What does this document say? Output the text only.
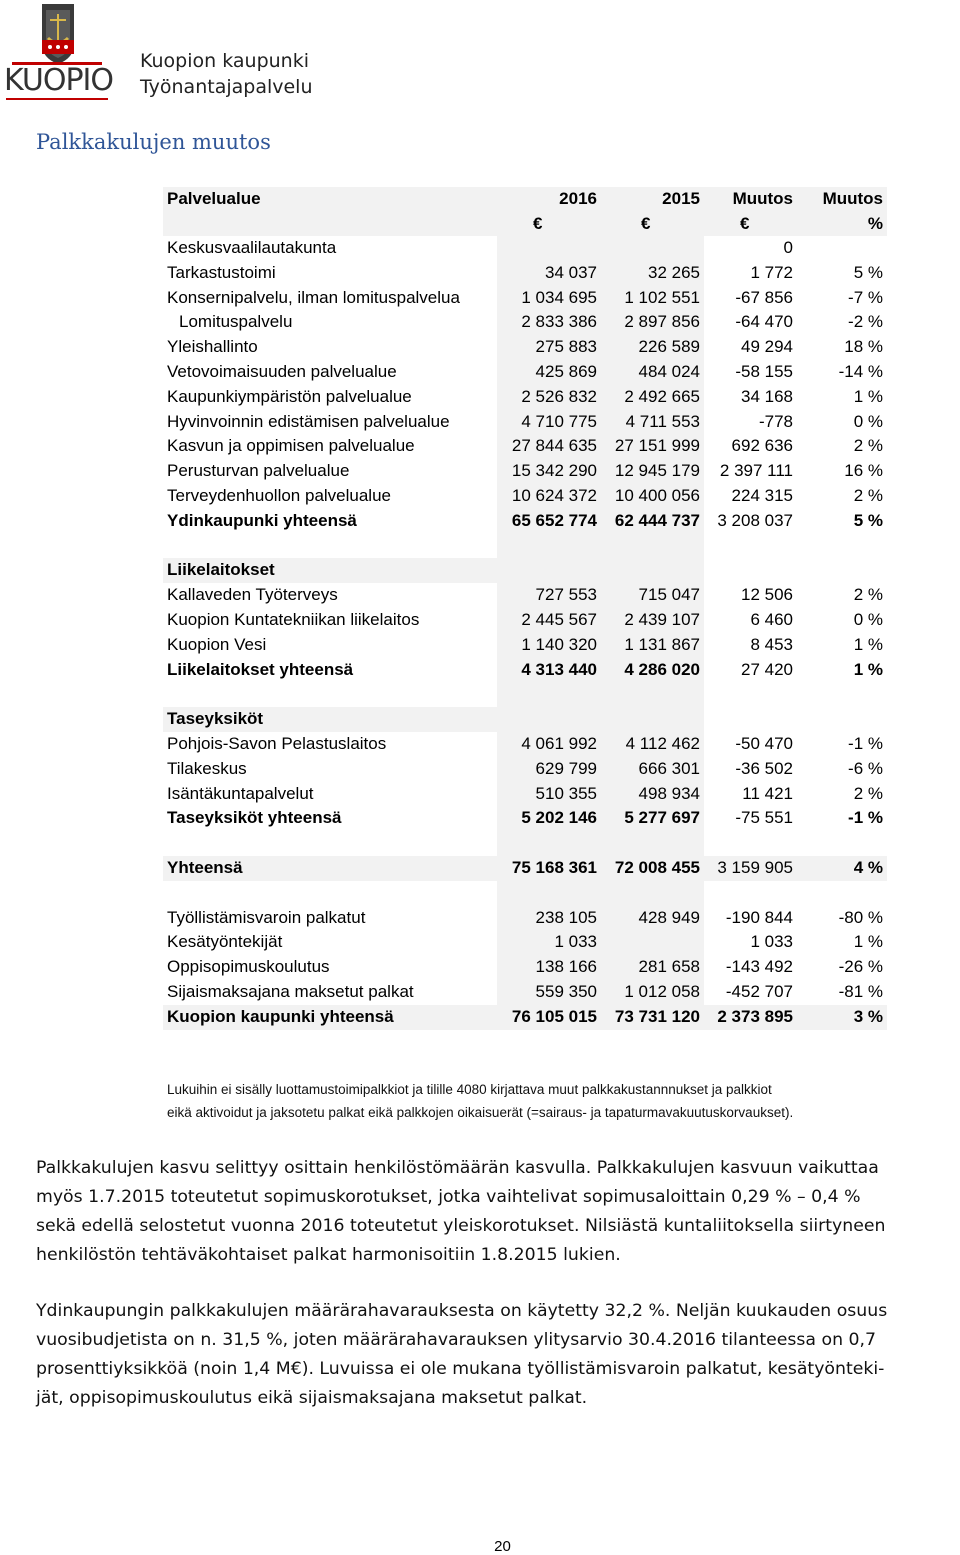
KUOPIO
Kuopion kaupunki
Työnantajapalvelu
Palkkakulujen muutos
Palvelualue	2016	2015	Muutos	Muutos
	€	€	€	%
Keskusvaalilautakunta			0	
Tarkastustoimi	34 037	32 265	1 772	5 %
Konsernipalvelu, ilman lomituspalvelua	1 034 695	1 102 551	-67 856	-7 %
Lomituspalvelu	2 833 386	2 897 856	-64 470	-2 %
Yleishallinto	275 883	226 589	49 294	18 %
Vetovoimaisuuden palvelualue	425 869	484 024	-58 155	-14 %
Kaupunkiympäristön palvelualue	2 526 832	2 492 665	34 168	1 %
Hyvinvoinnin edistämisen palvelualue	4 710 775	4 711 553	-778	0 %
Kasvun ja oppimisen palvelualue	27 844 635	27 151 999	692 636	2 %
Perusturvan palvelualue	15 342 290	12 945 179	2 397 111	16 %
Terveydenhuollon palvelualue	10 624 372	10 400 056	224 315	2 %
Ydinkaupunki yhteensä	65 652 774	62 444 737	3 208 037	5 %

Liikelaitokset				
Kallaveden Työterveys	727 553	715 047	12 506	2 %
Kuopion Kuntatekniikan liikelaitos	2 445 567	2 439 107	6 460	0 %
Kuopion Vesi	1 140 320	1 131 867	8 453	1 %
Liikelaitokset yhteensä	4 313 440	4 286 020	27 420	1 %

Taseyksiköt				
Pohjois-Savon Pelastuslaitos	4 061 992	4 112 462	-50 470	-1 %
Tilakeskus	629 799	666 301	-36 502	-6 %
Isäntäkuntapalvelut	510 355	498 934	11 421	2 %
Taseyksiköt yhteensä	5 202 146	5 277 697	-75 551	-1 %

Yhteensä	75 168 361	72 008 455	3 159 905	4 %

Työllistämisvaroin palkatut	238 105	428 949	-190 844	-80 %
Kesätyöntekijät	1 033		1 033	1 %
Oppisopimuskoulutus	138 166	281 658	-143 492	-26 %
Sijaismaksajana maksetut palkat	559 350	1 012 058	-452 707	-81 %
Kuopion kaupunki yhteensä	76 105 015	73 731 120	2 373 895	3 %
Lukuihin ei sisälly luottamustoimipalkkiot ja tilille 4080 kirjattava muut palkkakustannnukset ja palkkiot
eikä aktivoidut ja jaksotetu palkat eikä palkkojen oikaisuerät (=sairaus- ja tapaturmavakuutuskorvaukset).
Palkkakulujen kasvu selittyy osittain henkilöstömäärän kasvulla. Palkkakulujen kasvuun vaikuttaa
myös 1.7.2015 toteutetut sopimuskorotukset, jotka vaihtelivat sopimusaloittain 0,29 % – 0,4 %
sekä edellä selostetut vuonna 2016 toteutetut yleiskorotukset. Nilsiästä kuntaliitoksella siirtyneen
henkilöstön tehtäväkohtaiset palkat harmonisoitiin 1.8.2015 lukien.
Ydinkaupungin palkkakulujen määrärahavarauksesta on käytetty 32,2 %. Neljän kuukauden osuus
vuosibudjetista on n. 31,5 %, joten määrärahavarauksen ylitysarvio 30.4.2016 tilanteessa on 0,7
prosenttiyksikköä (noin 1,4 M€). Luvuissa ei ole mukana työllistämisvaroin palkatut, kesätyönteki-
jät, oppisopimuskoulutus eikä sijaismaksajana maksetut palkat.
20
